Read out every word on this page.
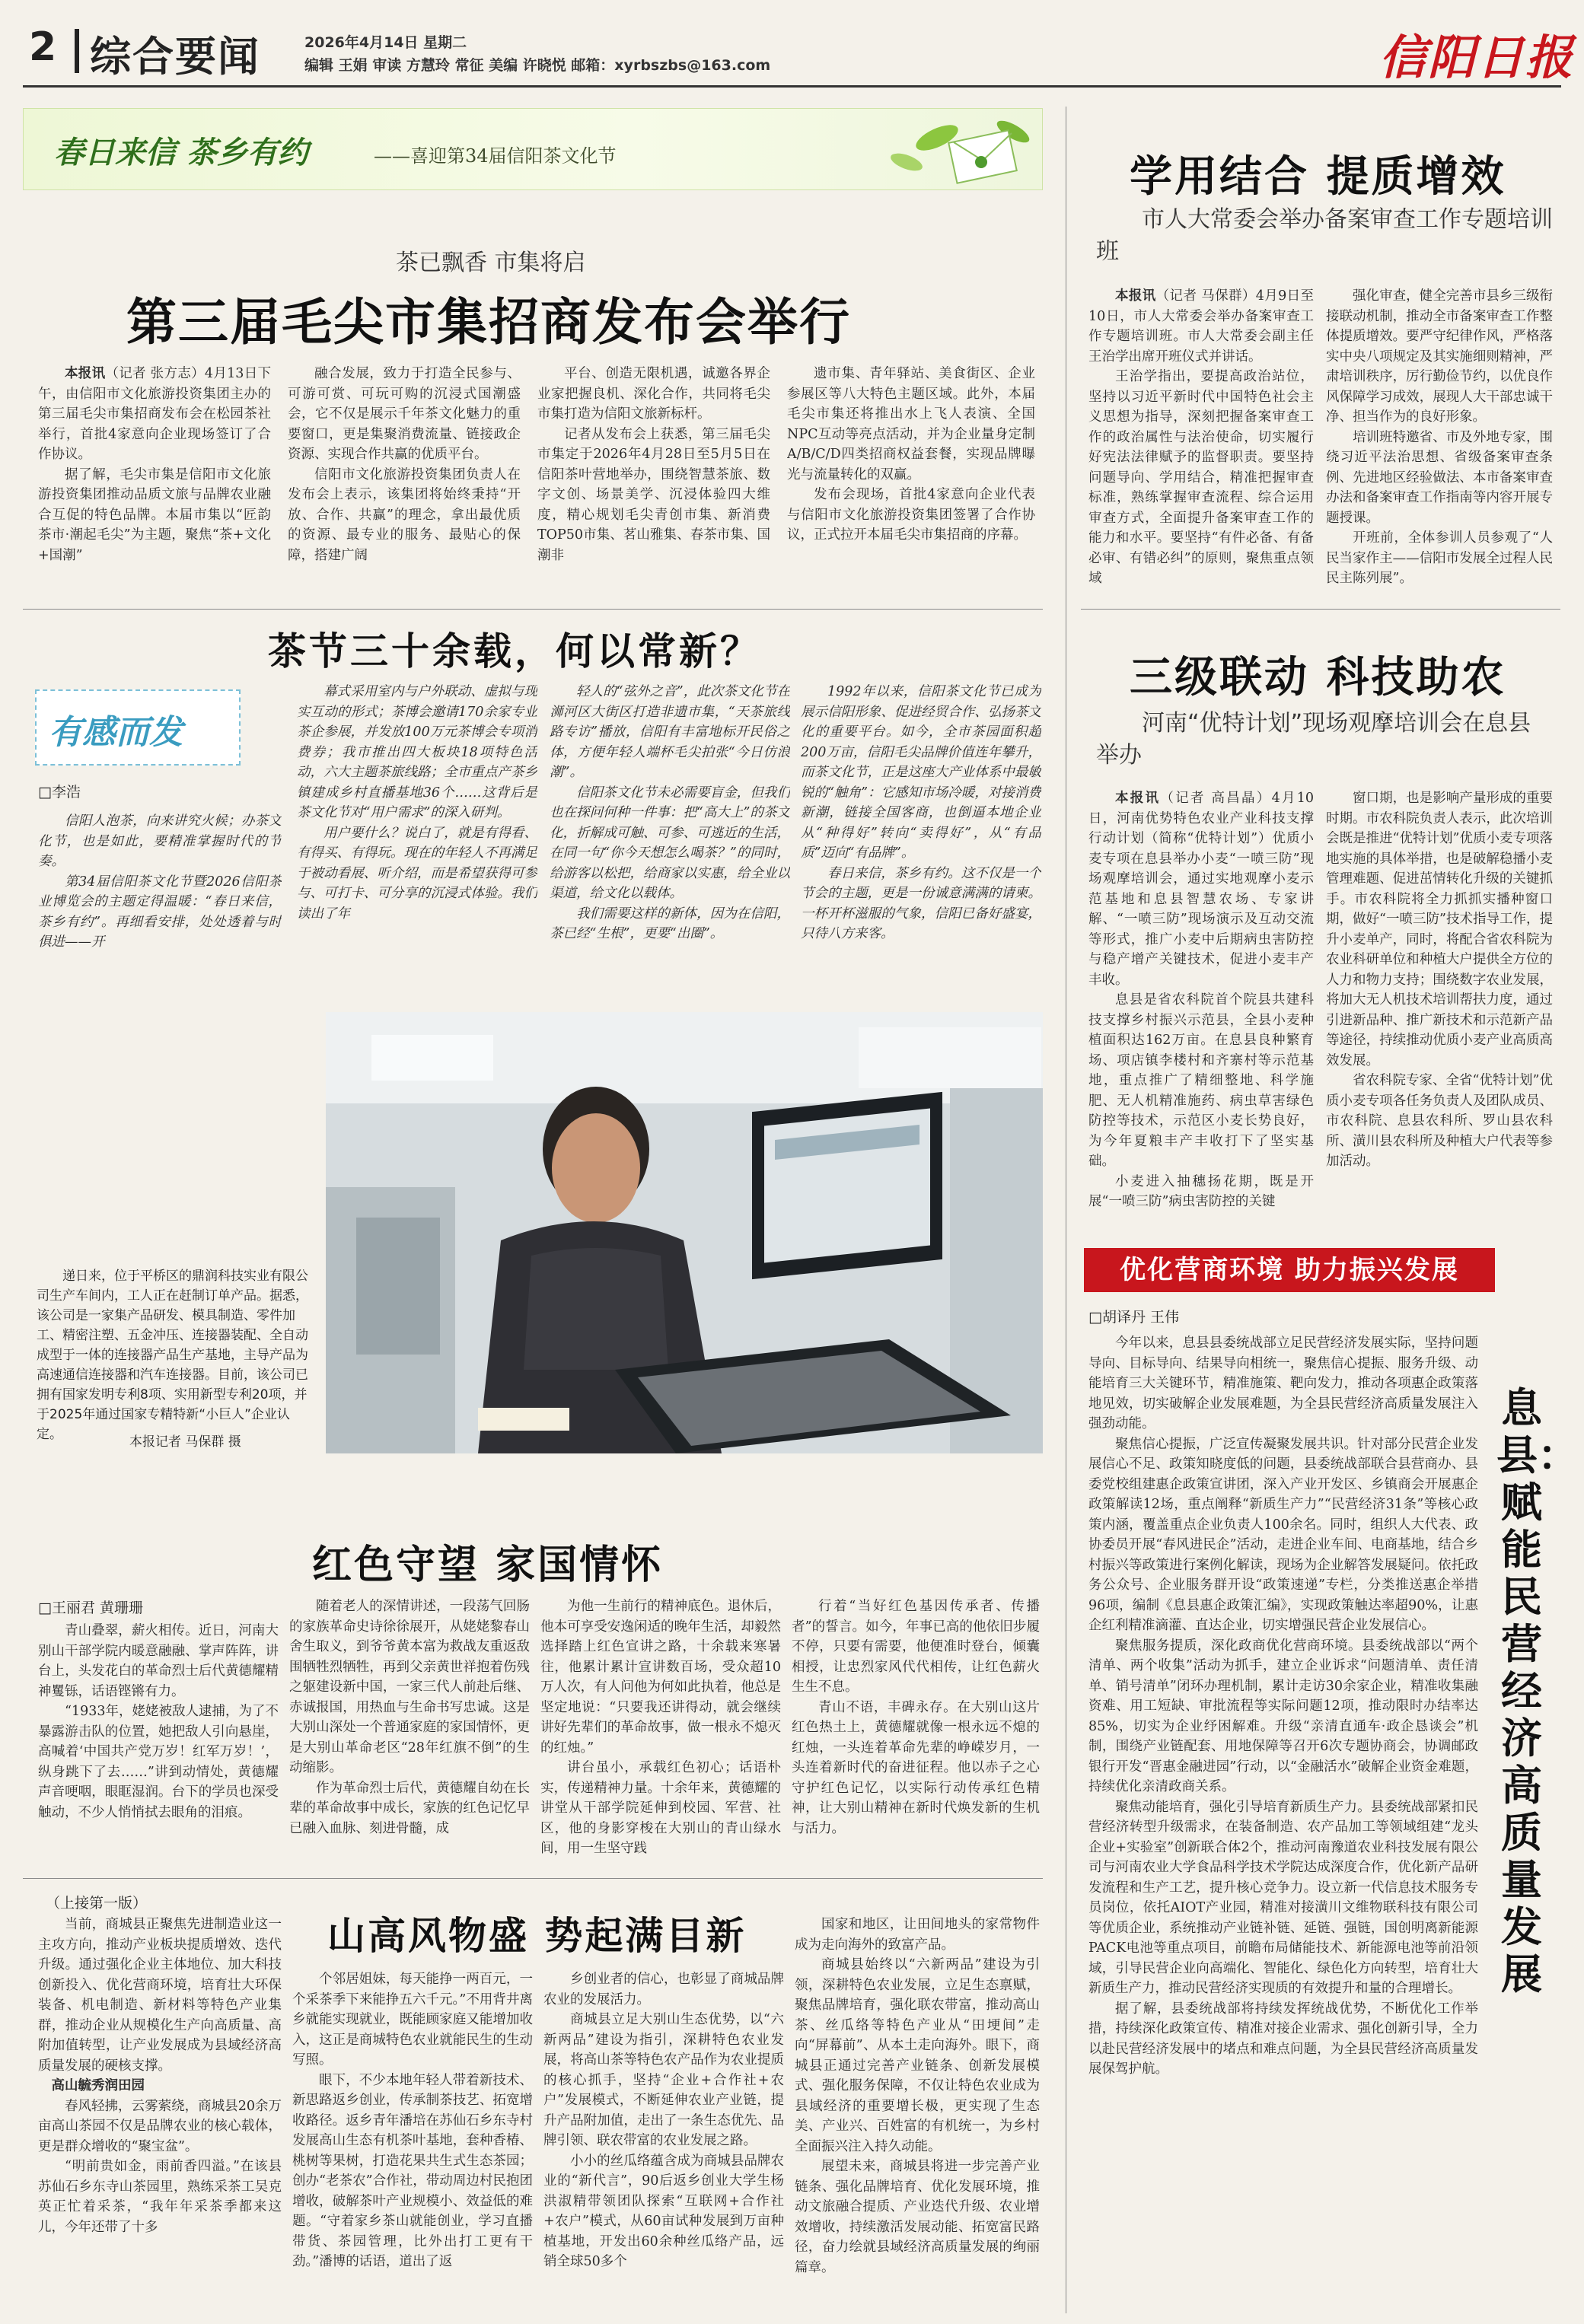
2 综合要闻	2026年4月14日 星期二
编辑 王娟 审读 方慧玲 常征 美编 许晓悦 邮箱：xyrbszbs@163.com	信阳日报
春日来信 茶乡有约	——喜迎第34届信阳茶文化节
茶已飘香 市集将启
第三届毛尖市集招商发布会举行

本报讯（记者 张方志）4月13日下午，由信阳市文化旅游投资集团主办的第三届毛尖市集招商发布会在松园茶社举行，首批4家意向企业现场签订了合作协议。
据了解，毛尖市集是信阳市文化旅游投资集团推动品质文旅与品牌农业融合互促的特色品牌。本届市集以“匠韵茶市·潮起毛尖”为主题，聚焦“茶+文化+国潮”

融合发展，致力于打造全民参与、可游可赏、可玩可购的沉浸式国潮盛会，它不仅是展示千年茶文化魅力的重要窗口，更是集聚消费流量、链接政企资源、实现合作共赢的优质平台。
信阳市文化旅游投资集团负责人在发布会上表示，该集团将始终秉持“开放、合作、共赢”的理念，拿出最优质的资源、最专业的服务、最贴心的保障，搭建广阔

平台、创造无限机遇，诚邀各界企业家把握良机、深化合作，共同将毛尖市集打造为信阳文旅新标杆。
记者从发布会上获悉，第三届毛尖市集定于2026年4月28日至5月5日在信阳茶叶营地举办，围绕智慧茶旅、数字文创、场景美学、沉浸体验四大维度，精心规划毛尖青创市集、新消费TOP50市集、茗山雅集、春茶市集、国潮非

遗市集、青年驿站、美食街区、企业参展区等八大特色主题区域。此外，本届毛尖市集还将推出水上飞人表演、全国NPC互动等亮点活动，并为企业量身定制A/B/C/D四类招商权益套餐，实现品牌曝光与流量转化的双赢。
发布会现场，首批4家意向企业代表与信阳市文化旅游投资集团签署了合作协议，正式拉开本届毛尖市集招商的序幕。

茶节三十余载，何以常新？
有感而发
□李浩

信阳人泡茶，向来讲究火候；办茶文化节，也是如此，要精准掌握时代的节奏。
第34届信阳茶文化节暨2026信阳茶业博览会的主题定得温暖：“春日来信，茶乡有约”。再细看安排，处处透着与时俱进——开

幕式采用室内与户外联动、虚拟与现实互动的形式；茶博会邀请170余家专业茶企参展，并发放100万元茶博会专项消费券；我市推出四大板块18项特色活动，六大主题茶旅线路；全市重点产茶乡镇建成乡村直播基地36个……这背后是茶文化节对“用户需求”的深入研判。
用户要什么？说白了，就是有得看、有得买、有得玩。现在的年轻人不再满足于被动看展、听介绍，而是希望获得可参与、可打卡、可分享的沉浸式体验。我们读出了年

轻人的“弦外之音”，此次茶文化节在浉河区大街区打造非遗市集，“天茶旅线路专访”播放，信阳有丰富地标开民俗之体，方便年轻人端杯毛尖拍张“今日仿浪潮”。
信阳茶文化节未必需要盲金，但我们也在探问何种一件事：把“高大上”的茶文化，折解成可触、可参、可逃近的生活，在同一句“你今天想怎么喝茶？”的同时，给游客以松把，给商家以实惠，给全业以渠道，给文化以载体。
我们需要这样的新体，因为在信阳，茶已经“生根”，更要“出圈”。

1992年以来，信阳茶文化节已成为展示信阳形象、促进经贸合作、弘扬茶文化的重要平台。如今，全市茶园面积超200万亩，信阳毛尖品牌价值连年攀升，而茶文化节，正是这座大产业体系中最敏锐的“触角”：它感知市场冷暖，对接消费新潮，链接全国客商，也倒逼本地企业从“种得好”转向“卖得好”，从“有品质”迈向“有品牌”。
春日来信，茶乡有约。这不仅是一个节会的主题，更是一份诚意满满的请柬。一杯开杯滋服的气象，信阳已备好盛宴，只待八方来客。

递日来，位于平桥区的鼎润科技实业有限公司生产车间内，工人正在赶制订单产品。据悉，该公司是一家集产品研发、模具制造、零件加工、精密注塑、五金冲压、连接器装配、全自动成型于一体的连接器产品生产基地，主导产品为高速通信连接器和汽车连接器。目前，该公司已拥有国家发明专利8项、实用新型专利20项，并于2025年通过国家专精特新“小巨人”企业认定。	本报记者 马保群 摄
红色守望 家国情怀
□王丽君 黄珊珊

青山叠翠，薪火相传。近日，河南大别山干部学院内暖意融融、掌声阵阵，讲台上，头发花白的革命烈士后代黄德耀精神矍铄，话语铿锵有力。
“1933年，姥姥被敌人逮捕，为了不暴露游击队的位置，她把敌人引向悬崖，高喊着‘中国共产党万岁！红军万岁！’，纵身跳下了去……”讲到动情处，黄德耀声音哽咽，眼眶湿润。台下的学员也深受触动，不少人悄悄拭去眼角的泪痕。

随着老人的深情讲述，一段荡气回肠的家族革命史诗徐徐展开，从姥姥黎春山舍生取义，到爷爷黄本富为救战友重返敌围牺牲烈牺牲，再到父亲黄世祥抱着伤残之躯建设新中国，一家三代人前赴后继、赤诚报国，用热血与生命书写忠诚。这是大别山深处一个普通家庭的家国情怀，更是大别山革命老区“28年红旗不倒”的生动缩影。
作为革命烈士后代，黄德耀自幼在长辈的革命故事中成长，家族的红色记忆早已融入血脉、刻进骨髓，成

为他一生前行的精神底色。退休后，他本可享受安逸闲适的晚年生活，却毅然选择踏上红色宣讲之路，十余载来寒暑往，他累计累计宣讲数百场，受众超10万人次，有人问他为何如此执着，他总是坚定地说：“只要我还讲得动，就会继续讲好先辈们的革命故事，做一根永不熄灭的红烛。”
讲台虽小，承载红色初心；话语朴实，传递精神力量。十余年来，黄德耀的讲堂从干部学院延伸到校园、军营、社区，他的身影穿梭在大别山的青山绿水间，用一生坚守践

行着“当好红色基因传承者、传播者”的誓言。如今，年事已高的他依旧步履不停，只要有需要，他便准时登台，倾囊相授，让忠烈家风代代相传，让红色薪火生生不息。
青山不语，丰碑永存。在大别山这片红色热土上，黄德耀就像一根永远不熄的红烛，一头连着革命先辈的峥嵘岁月，一头连着新时代的奋进征程。他以赤子之心守护红色记忆，以实际行动传承红色精神，让大别山精神在新时代焕发新的生机与活力。

（上接第一版）
山高风物盛 势起满目新

当前，商城县正聚焦先进制造业这一主攻方向，推动产业板块提质增效、迭代升级。通过强化企业主体地位、加大科技创新投入、优化营商环境，培育壮大环保装备、机电制造、新材料等特色产业集群，推动企业从规模化生产向高质量、高附加值转型，让产业发展成为县域经济高质量发展的硬核支撑。

高山毓秀润田园
春风轻拂，云雾萦绕，商城县20余万亩高山茶园不仅是品牌农业的核心载体，更是群众增收的“聚宝盆”。
“明前贵如金，雨前香四溢。”在该县苏仙石乡东寺山茶园里，熟练采茶工吴克英正忙着采茶，“我年年采茶季都来这儿，今年还带了十多

个邻居姐妹，每天能挣一两百元，一个采茶季下来能挣五六千元。”不用背井离乡就能实现就业，既能顾家庭又能增加收入，这正是商城特色农业就能民生的生动写照。
眼下，不少本地年轻人带着新技术、新思路返乡创业，传承制茶技艺、拓宽增收路径。返乡青年潘培在苏仙石乡东寺村发展高山生态有机茶叶基地，套种香椿、桃树等果树，打造花果共生式生态茶园；创办“老茶农”合作社，带动周边村民抱团增收，破解茶叶产业规模小、效益低的难题。“守着家乡茶山就能创业，学习直播带货、茶园管理，比外出打工更有干劲。”潘博的话语，道出了返

乡创业者的信心，也彰显了商城品牌农业的发展活力。
商城县立足大别山生态优势，以“六新两品”建设为指引，深耕特色农业发展，将高山茶等特色农产品作为农业提质的核心抓手，坚持“企业+合作社+农户”发展模式，不断延伸农业产业链，提升产品附加值，走出了一条生态优先、品牌引领、联农带富的农业发展之路。
小小的丝瓜络蕴含成为商城县品牌农业的“新代言”，90后返乡创业大学生杨洪淑精带领团队探索“互联网+合作社+农户”模式，从60亩试种发展到万亩种植基地，开发出60余种丝瓜络产品，远销全球50多个

国家和地区，让田间地头的家常物件成为走向海外的致富产品。
商城县始终以“六新两品”建设为引领，深耕特色农业发展，立足生态禀赋，聚焦品牌培育，强化联农带富，推动高山茶、丝瓜络等特色产业从“田埂间”走向“屏幕前”、从本土走向海外。眼下，商城县正通过完善产业链条、创新发展模式、强化服务保障，不仅让特色农业成为县域经济的重要增长极，更实现了生态美、产业兴、百姓富的有机统一，为乡村全面振兴注入持久动能。
展望未来，商城县将进一步完善产业链条、强化品牌培育、优化发展环境，推动文旅融合提质、产业迭代升级、农业增效增收，持续激活发展动能、拓宽富民路径，奋力绘就县域经济高质量发展的绚丽篇章。

学用结合 提质增效
市人大常委会举办备案审查工作专题培训班

本报讯（记者 马保群）4月9日至10日，市人大常委会举办备案审查工作专题培训班。市人大常委会副主任王治学出席开班仪式并讲话。
王治学指出，要提高政治站位，坚持以习近平新时代中国特色社会主义思想为指导，深刻把握备案审查工作的政治属性与法治使命，切实履行好宪法法律赋予的监督职责。要坚持问题导向、学用结合，精准把握审查标准，熟练掌握审查流程、综合运用审查方式，全面提升备案审查工作的能力和水平。要坚持“有件必备、有备必审、有错必纠”的原则，聚焦重点领域

强化审查，健全完善市县乡三级衔接联动机制，推动全市备案审查工作整体提质增效。要严守纪律作风，严格落实中央八项规定及其实施细则精神，严肃培训秩序，厉行勤俭节约，以优良作风保障学习成效，展现人大干部忠诚干净、担当作为的良好形象。
培训班特邀省、市及外地专家，围绕习近平法治思想、省级备案审查条例、先进地区经验做法、本市备案审查办法和备案审查工作指南等内容开展专题授课。
开班前，全体参训人员参观了“人民当家作主——信阳市发展全过程人民民主陈列展”。

三级联动 科技助农
河南“优特计划”现场观摩培训会在息县举办

本报讯（记者 高昌晶）4月10日，河南优势特色农业产业科技支撑行动计划（简称“优特计划”）优质小麦专项在息县举办小麦“一喷三防”现场观摩培训会，通过实地观摩小麦示范基地和息县智慧农场、专家讲解、“一喷三防”现场演示及互动交流等形式，推广小麦中后期病虫害防控与稳产增产关键技术，促进小麦丰产丰收。
息县是省农科院首个院县共建科技支撑乡村振兴示范县，全县小麦种植面积达162万亩。在息县良种繁育场、项店镇李楼村和齐寨村等示范基地，重点推广了精细整地、科学施肥、无人机精准施药、病虫草害绿色防控等技术，示范区小麦长势良好，为今年夏粮丰产丰收打下了坚实基础。
小麦进入抽穗扬花期，既是开展“一喷三防”病虫害防控的关键

窗口期，也是影响产量形成的重要时期。市农科院负责人表示，此次培训会既是推进“优特计划”优质小麦专项落地实施的具体举措，也是破解稳播小麦管理难题、促进茁情转化升级的关键抓手。市农科院将全力抓抓实播种窗口期，做好“一喷三防”技术指导工作，提升小麦单产，同时，将配合省农科院为农业科研单位和种植大户提供全方位的人力和物力支持；围绕数字农业发展，将加大无人机技术培训帮扶力度，通过引进新品种、推广新技术和示范新产品等途径，持续推动优质小麦产业高质高效发展。
省农科院专家、全省“优特计划”优质小麦专项各任务负责人及团队成员、市农科院、息县农科所、罗山县农科所、潢川县农科所及种植大户代表等参加活动。

优化营商环境 助力振兴发展
□胡译丹 王伟

今年以来，息县县委统战部立足民营经济发展实际，坚持问题导向、目标导向、结果导向相统一，聚焦信心提振、服务升级、动能培育三大关键环节，精准施策、靶向发力，推动各项惠企政策落地见效，切实破解企业发展难题，为全县民营经济高质量发展注入强劲动能。
聚焦信心提振，广泛宣传凝聚发展共识。针对部分民营企业发展信心不足、政策知晓度低的问题，县委统战部联合县营商办、县委党校组建惠企政策宣讲团，深入产业开发区、乡镇商会开展惠企政策解读12场，重点阐释“新质生产力”“民营经济31条”等核心政策内涵，覆盖重点企业负责人100余名。同时，组织人大代表、政协委员开展“春风进民企”活动，走进企业车间、电商基地，结合乡村振兴等政策进行案例化解读，现场为企业解答发展疑问。依托政务公众号、企业服务群开设“政策速递”专栏，分类推送惠企举措96项，编制《息县惠企政策汇编》，实现政策触达率超90%，让惠企红利精准滴灌、直达企业，切实增强民营企业发展信心。
聚焦服务提质，深化政商优化营商环境。县委统战部以“两个清单、两个收集”活动为抓手，建立企业诉求“问题清单、责任清单、销号清单”闭环办理机制，累计走访30余家企业，精准收集融资难、用工短缺、审批流程等实际问题12项，推动限时办结率达85%，切实为企业纾困解难。升级“亲清直通车·政企恳谈会”机制，围绕产业链配套、用地保障等召开6次专题协商会，协调邮政银行开发“晋惠金融进园”行动，以“金融活水”破解企业资金难题，持续优化亲清政商关系。
聚焦动能培育，强化引导培育新质生产力。县委统战部紧扣民营经济转型升级需求，在装备制造、农产品加工等领域组建“龙头企业+实验室”创新联合体2个，推动河南豫道农业科技发展有限公司与河南农业大学食品科学技术学院达成深度合作，优化新产品研发流程和生产工艺，提升核心竞争力。设立新一代信息技术服务专员岗位，依托AIOT产业园，精准对接潢川文维物联科技有限公司等优质企业，系统推动产业链补链、延链、强链，国创明离新能源PACK电池等重点项目，前瞻布局储能技术、新能源电池等前沿领域，引导民营企业向高端化、智能化、绿色化方向转型，培育壮大新质生产力，推动民营经济实现质的有效提升和量的合理增长。
据了解，县委统战部将持续发挥统战优势，不断优化工作举措，持续深化政策宣传、精准对接企业需求、强化创新引导，全力以赴民营经济发展中的堵点和难点问题，为全县民营经济高质量发展保驾护航。

息县：赋能民营经济高质量发展
